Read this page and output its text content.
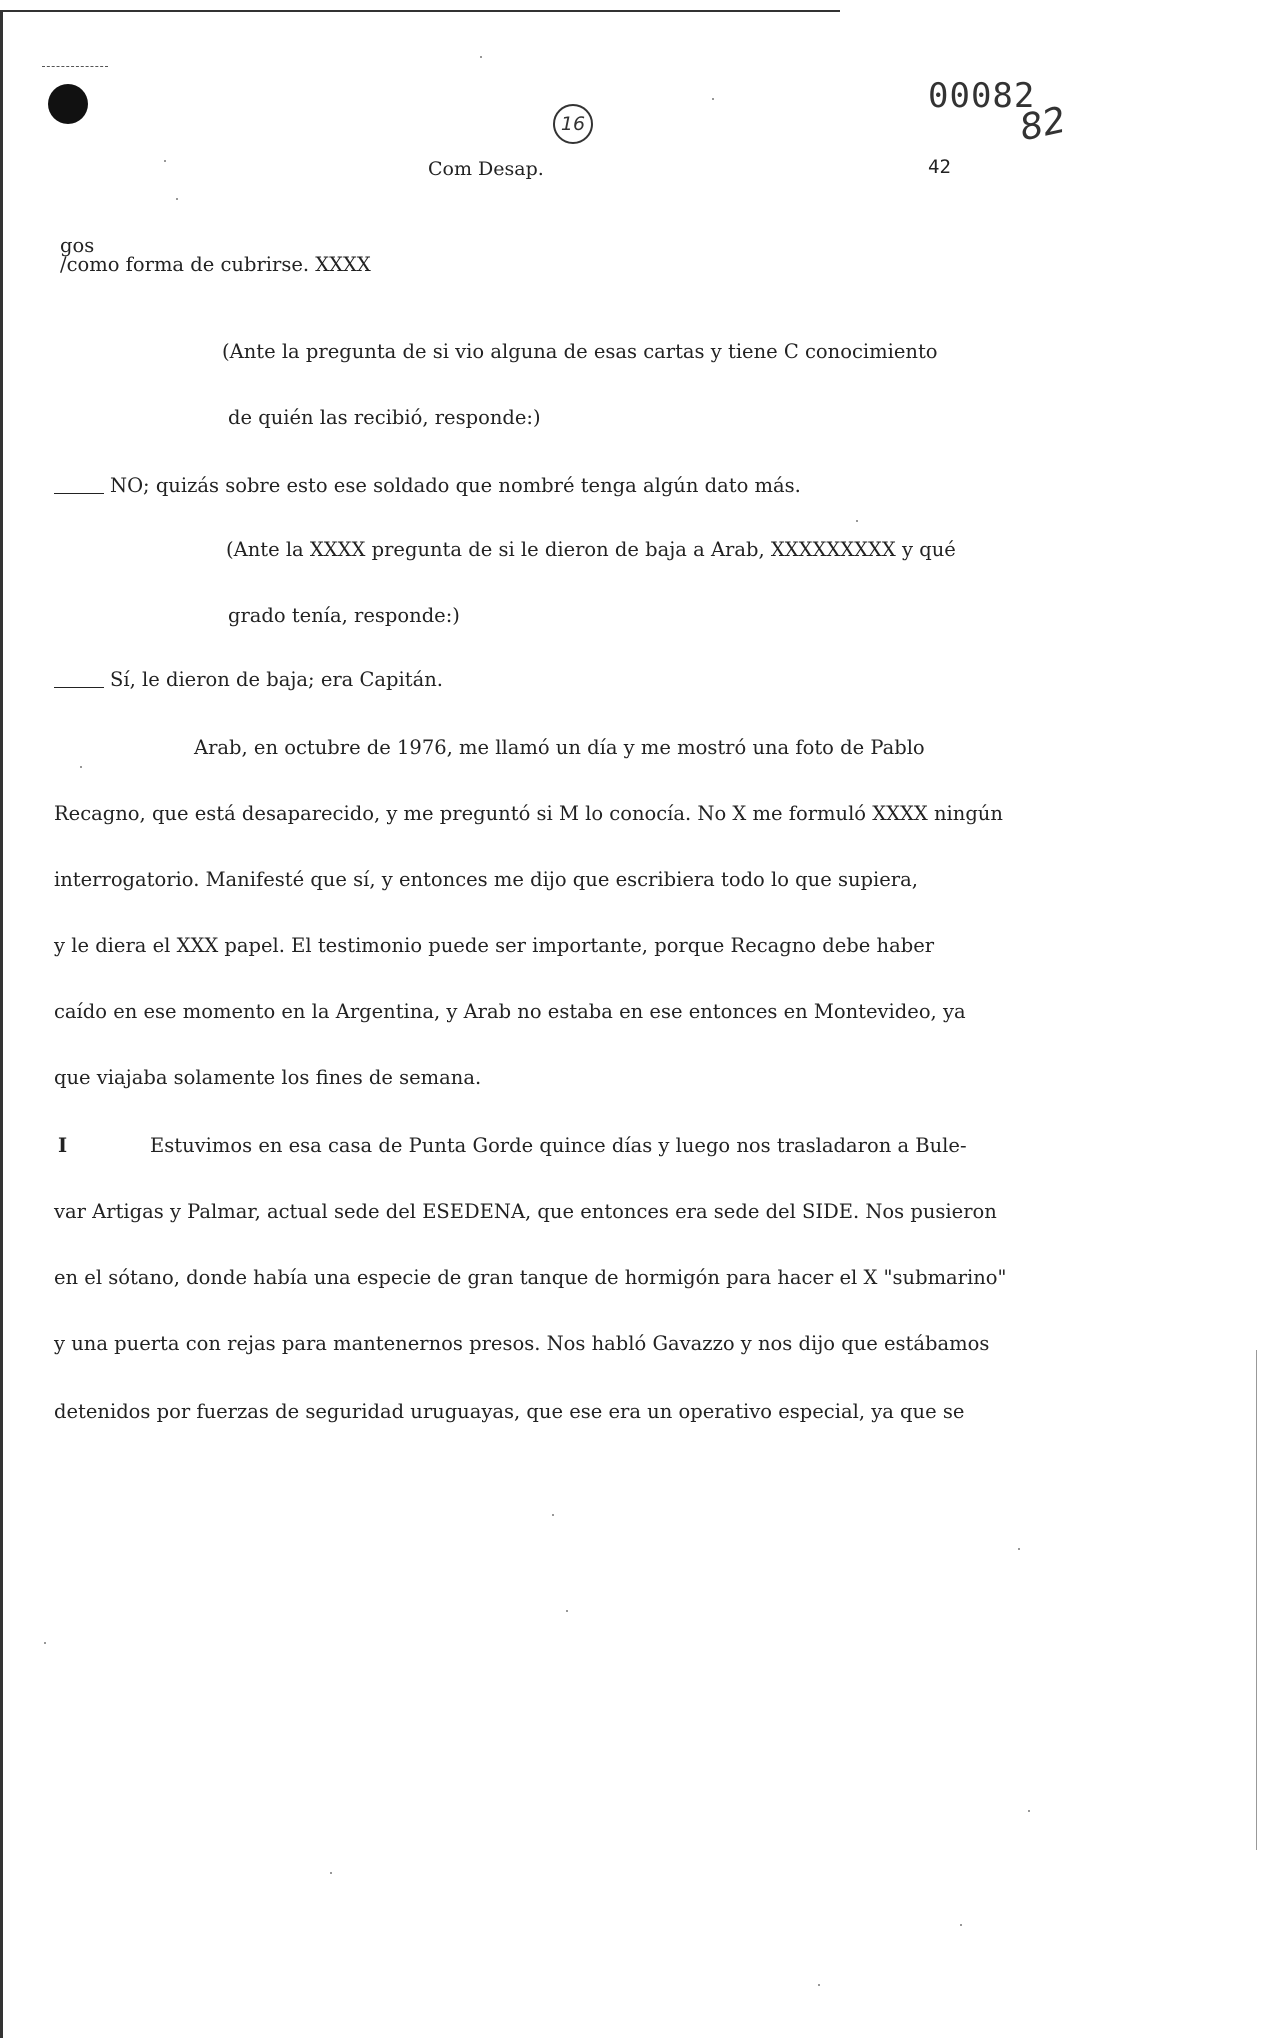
16
00082
82
Com Desap.	42
gos
/como forma de cubrirse. XXXX
(Ante la pregunta de si vio alguna de esas cartas y tiene C conocimiento
de quién las recibió, responde:)
NO; quizás sobre esto ese soldado que nombré tenga algún dato más.
(Ante la XXXX pregunta de si le dieron de baja a Arab, XXXXXXXXX y qué
grado tenía, responde:)
Sí, le dieron de baja; era Capitán.
Arab, en octubre de 1976, me llamó un día y me mostró una foto de Pablo
Recagno, que está desaparecido, y me preguntó si M lo conocía. No X me formuló XXXX ningún
interrogatorio. Manifesté que sí, y entonces me dijo que escribiera todo lo que supiera,
y le diera el XXX papel. El testimonio puede ser importante, porque Recagno debe haber
caído en ese momento en la Argentina, y Arab no estaba en ese entonces en Montevideo, ya
que viajaba solamente los fines de semana.
I	Estuvimos en esa casa de Punta Gorde quince días y luego nos trasladaron a Bule-
var Artigas y Palmar, actual sede del ESEDENA, que entonces era sede del SIDE. Nos pusieron
en el sótano, donde había una especie de gran tanque de hormigón para hacer el X "submarino"
y una puerta con rejas para mantenernos presos. Nos habló Gavazzo y nos dijo que estábamos
detenidos por fuerzas de seguridad uruguayas, que ese era un operativo especial, ya que se
